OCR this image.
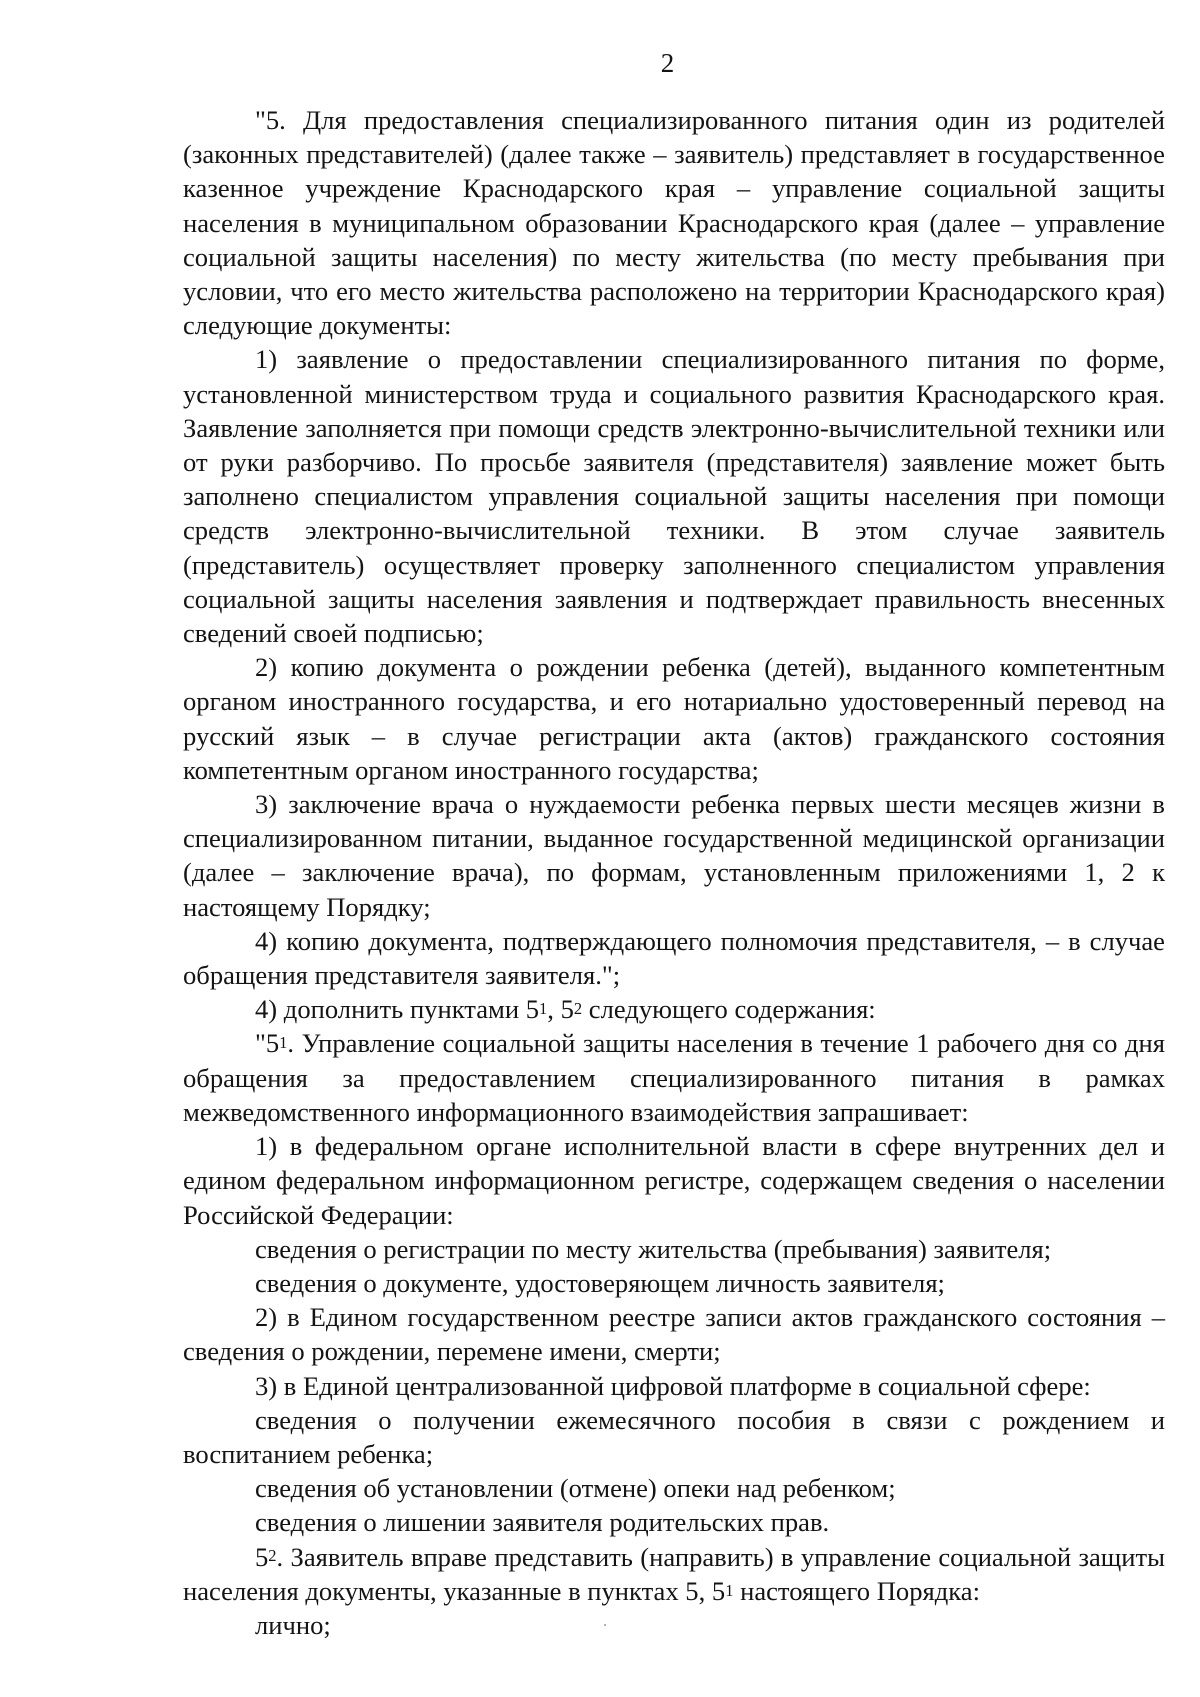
2

"5. Для предоставления специализированного питания один из родителей (законных представителей) (далее также – заявитель) представляет в государственное казенное учреждение Краснодарского края – управление социальной защиты населения в муниципальном образовании Краснодарского края (далее – управление социальной защиты населения) по месту жительства (по месту пребывания при условии, что его место жительства расположено на территории Краснодарского края) следующие документы:

1) заявление о предоставлении специализированного питания по форме, установленной министерством труда и социального развития Краснодарского края. Заявление заполняется при помощи средств электронно-вычислительной техники или от руки разборчиво. По просьбе заявителя (представителя) заявление может быть заполнено специалистом управления социальной защиты населения при помощи средств электронно-вычислительной техники. В этом случае заявитель (представитель) осуществляет проверку заполненного специалистом управления социальной защиты населения заявления и подтверждает правильность внесенных сведений своей подписью;

2) копию документа о рождении ребенка (детей), выданного компетентным органом иностранного государства, и его нотариально удостоверенный перевод на русский язык – в случае регистрации акта (актов) гражданского состояния компетентным органом иностранного государства;

3) заключение врача о нуждаемости ребенка первых шести месяцев жизни в специализированном питании, выданное государственной медицинской организации (далее – заключение врача), по формам, установленным приложениями 1, 2 к настоящему Порядку;

4) копию документа, подтверждающего полномочия представителя, – в случае обращения представителя заявителя.";

4) дополнить пунктами $5^1$, $5^2$ следующего содержания:

"$5^1$. Управление социальной защиты населения в течение 1 рабочего дня со дня обращения за предоставлением специализированного питания в рамках межведомственного информационного взаимодействия запрашивает:

1) в федеральном органе исполнительной власти в сфере внутренних дел и едином федеральном информационном регистре, содержащем сведения о населении Российской Федерации:

сведения о регистрации по месту жительства (пребывания) заявителя;

сведения о документе, удостоверяющем личность заявителя;

2) в Едином государственном реестре записи актов гражданского состояния – сведения о рождении, перемене имени, смерти;

3) в Единой централизованной цифровой платформе в социальной сфере:

сведения о получении ежемесячного пособия в связи с рождением и воспитанием ребенка;

сведения об установлении (отмене) опеки над ребенком;

сведения о лишении заявителя родительских прав.

$5^2$. Заявитель вправе представить (направить) в управление социальной защиты населения документы, указанные в пунктах 5, $5^1$ настоящего Порядка:

лично;
